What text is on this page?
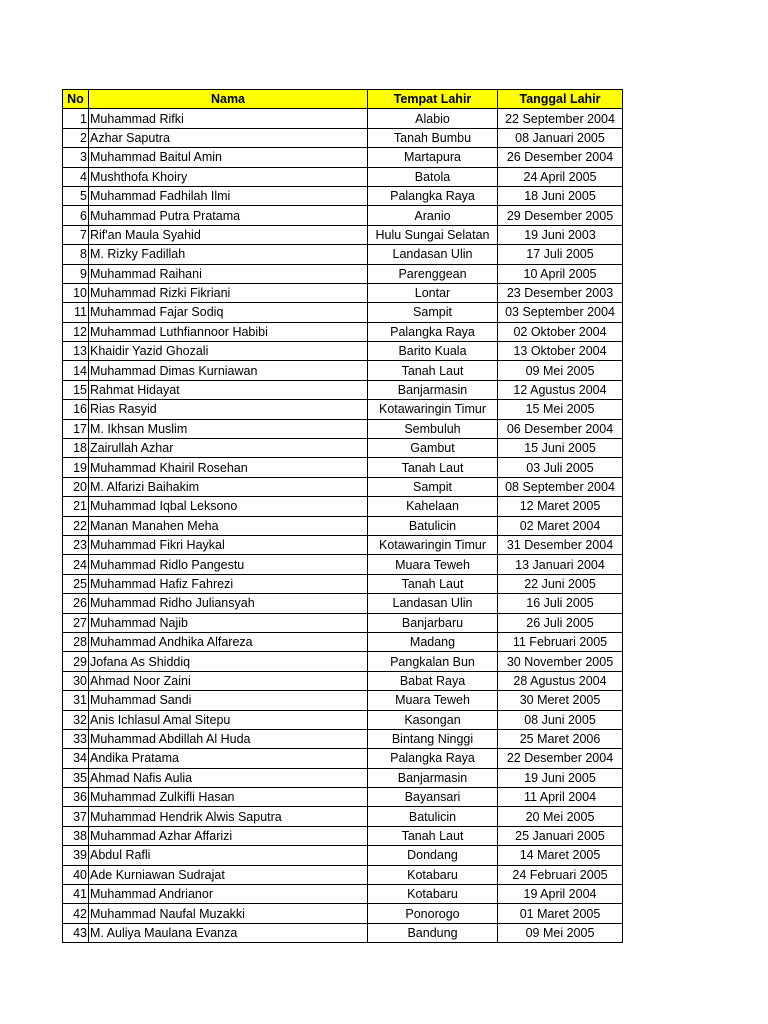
No	Nama	Tempat Lahir	Tanggal Lahir
1	Muhammad Rifki	Alabio	22 September 2004
2	Azhar Saputra	Tanah Bumbu	08 Januari 2005
3	Muhammad Baitul Amin	Martapura	26 Desember 2004
4	Mushthofa Khoiry	Batola	24 April 2005
5	Muhammad Fadhilah Ilmi	Palangka Raya	18 Juni 2005
6	Muhammad Putra Pratama	Aranio	29 Desember 2005
7	Rif'an Maula Syahid	Hulu Sungai Selatan	19 Juni 2003
8	M. Rizky Fadillah	Landasan Ulin	17 Juli 2005
9	Muhammad Raihani	Parenggean	10 April 2005
10	Muhammad Rizki Fikriani	Lontar	23 Desember 2003
11	Muhammad Fajar Sodiq	Sampit	03 September 2004
12	Muhammad Luthfiannoor Habibi	Palangka Raya	02 Oktober 2004
13	Khaidir Yazid Ghozali	Barito Kuala	13 Oktober 2004
14	Muhammad Dimas Kurniawan	Tanah Laut	09 Mei 2005
15	Rahmat Hidayat	Banjarmasin	12 Agustus 2004
16	Rias Rasyid	Kotawaringin Timur	15 Mei 2005
17	M. Ikhsan Muslim	Sembuluh	06 Desember 2004
18	Zairullah Azhar	Gambut	15 Juni 2005
19	Muhammad Khairil Rosehan	Tanah Laut	03 Juli 2005
20	M. Alfarizi Baihakim	Sampit	08 September 2004
21	Muhammad Iqbal Leksono	Kahelaan	12 Maret 2005
22	Manan Manahen Meha	Batulicin	02 Maret 2004
23	Muhammad Fikri Haykal	Kotawaringin Timur	31 Desember 2004
24	Muhammad Ridlo Pangestu	Muara Teweh	13 Januari 2004
25	Muhammad Hafiz Fahrezi	Tanah Laut	22 Juni 2005
26	Muhammad Ridho Juliansyah	Landasan Ulin	16 Juli 2005
27	Muhammad Najib	Banjarbaru	26 Juli 2005
28	Muhammad Andhika Alfareza	Madang	11 Februari 2005
29	Jofana As Shiddiq	Pangkalan Bun	30 November 2005
30	Ahmad Noor Zaini	Babat Raya	28 Agustus 2004
31	Muhammad Sandi	Muara Teweh	30 Meret 2005
32	Anis Ichlasul Amal Sitepu	Kasongan	08 Juni 2005
33	Muhammad Abdillah Al Huda	Bintang Ninggi	25 Maret 2006
34	Andika Pratama	Palangka Raya	22 Desember 2004
35	Ahmad Nafis Aulia	Banjarmasin	19 Juni 2005
36	Muhammad Zulkifli Hasan	Bayansari	11 April 2004
37	Muhammad Hendrik Alwis Saputra	Batulicin	20 Mei 2005
38	Muhammad Azhar Affarizi	Tanah Laut	25 Januari 2005
39	Abdul Rafli	Dondang	14 Maret 2005
40	Ade Kurniawan Sudrajat	Kotabaru	24 Februari 2005
41	Muhammad Andrianor	Kotabaru	19 April 2004
42	Muhammad Naufal Muzakki	Ponorogo	01 Maret 2005
43	M. Auliya Maulana Evanza	Bandung	09 Mei 2005
